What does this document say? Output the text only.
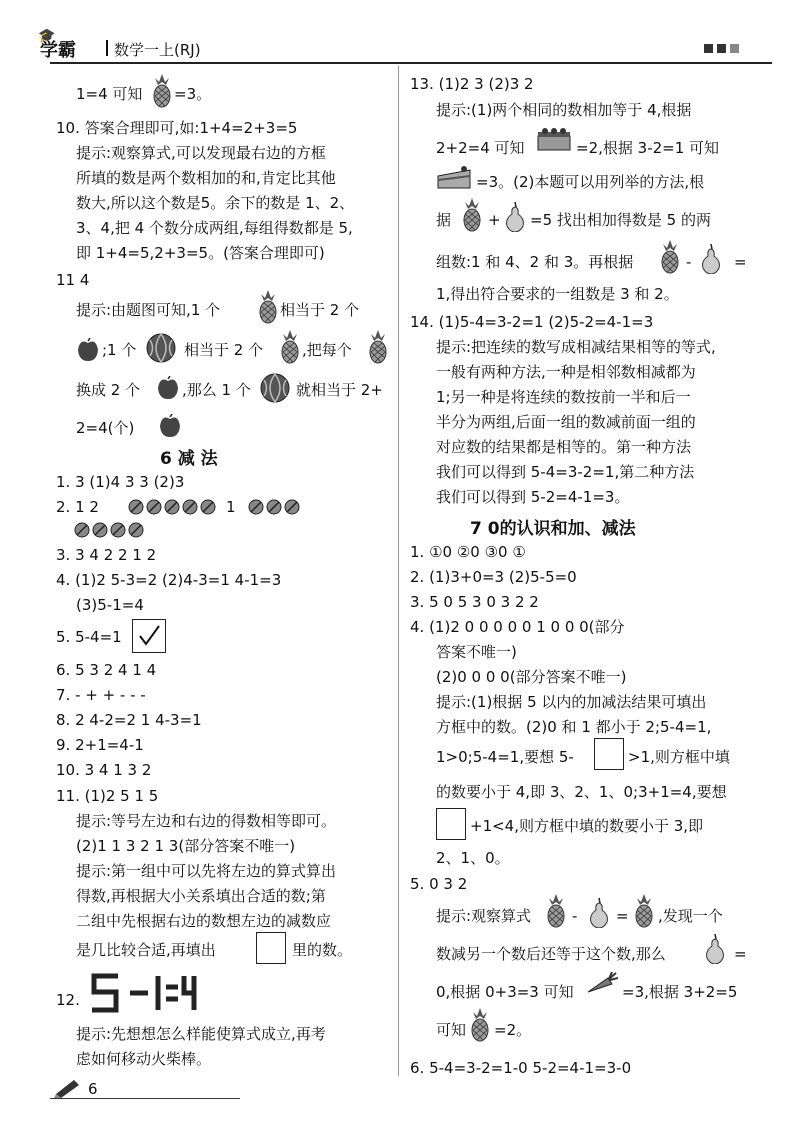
🎓
学霸	数学一上(RJ)
1=4 可知 =3。
10. 答案合理即可,如:1+4=2+3=5
提示:观察算式,可以发现最右边的方框
所填的数是两个数相加的和,肯定比其他
数大,所以这个数是5。余下的数是 1、2、
3、4,把 4 个数分成两组,每组得数都是 5,
即 1+4=5,2+3=5。(答案合理即可)
11 4
提示:由题图可知,1 个	相当于 2 个
;1 个	相当于 2 个	,把每个
换成 2 个	,那么 1 个	就相当于 2+
2=4(个)
6 减 法
1. 3 (1)4 3 3 (2)3
2. 1 2	1
3. 3 4 2 2 1 2
4. (1)2 5-3=2 (2)4-3=1 4-1=3
(3)5-1=4
5. 5-4=1
6. 5 3 2 4 1 4
7. - + + - - -
8. 2 4-2=2 1 4-3=1
9. 2+1=4-1
10. 3 4 1 3 2
11. (1)2 5 1 5
提示:等号左边和右边的得数相等即可。
(2)1 1 3 2 1 3(部分答案不唯一)
提示:第一组中可以先将左边的算式算出
得数,再根据大小关系填出合适的数;第
二组中先根据右边的数想左边的减数应
是几比较合适,再填出	里的数。
12.
提示:先想想怎么样能使算式成立,再考
虑如何移动火柴棒。
13. (1)2 3 (2)3 2
提示:(1)两个相同的数相加等于 4,根据
2+2=4 可知	=2,根据 3-2=1 可知
=3。(2)本题可以用列举的方法,根
据 + =5 找出相加得数是 5 的两
组数:1 和 4、2 和 3。再根据	-	=
1,得出符合要求的一组数是 3 和 2。
14. (1)5-4=3-2=1 (2)5-2=4-1=3
提示:把连续的数写成相减结果相等的等式,
一般有两种方法,一种是相邻数相减都为
1;另一种是将连续的数按前一半和后一
半分为两组,后面一组的数减前面一组的
对应数的结果都是相等的。第一种方法
我们可以得到 5-4=3-2=1,第二种方法
我们可以得到 5-2=4-1=3。
7 0的认识和加、减法
1. ①0 ②0 ③0 ①
2. (1)3+0=3 (2)5-5=0
3. 5 0 5 3 0 3 2 2
4. (1)2 0 0 0 0 0 1 0 0 0(部分
答案不唯一)
(2)0 0 0 0(部分答案不唯一)
提示:(1)根据 5 以内的加减法结果可填出
方框中的数。(2)0 和 1 都小于 2;5-4=1,
1>0;5-4=1,要想 5-	>1,则方框中填
的数要小于 4,即 3、2、1、0;3+1=4,要想
+1<4,则方框中填的数要小于 3,即
2、1、0。
5. 0 3 2
提示:观察算式	-	= ,发现一个
数减另一个数后还等于这个数,那么	=
0,根据 0+3=3 可知	=3,根据 3+2=5
可知 =2。
6. 5-4=3-2=1-0 5-2=4-1=3-0
6
